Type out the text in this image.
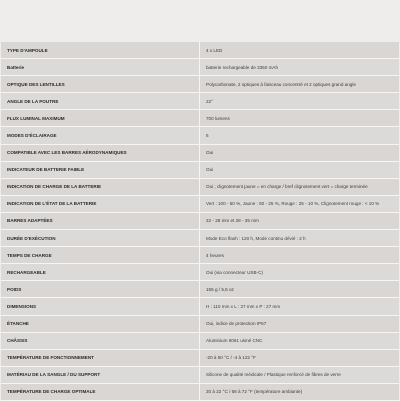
TYPE D'AMPOULE	4 x LED
Batterie	batterie rechargeable de 3350 mAh
OPTIQUE DES LENTILLES	Polycarbonate, 2 optiques à faisceau concentré et 2 optiques grand angle
ANGLE DE LA POUTRE	22°
FLUX LUMINAL MAXIMUM	700 lumens
MODES D'ÉCLAIRAGE	6
COMPATIBLE AVEC LES BARRES AÉRODYNAMIQUES	Oui
INDICATEUR DE BATTERIE FAIBLE	Oui
INDICATION DE CHARGE DE LA BATTERIE	Oui ; clignotement jaune = en charge / bref clignotement vert = charge terminée
INDICATION DE L'ÉTAT DE LA BATTERIE	Vert : 100 - 50 %, Jaune : 50 - 25 %, Rouge : 25 - 10 %, Clignotement rouge : < 10 %
BARRES ADAPTÉES	22 - 28 mm et 28 - 35 mm
DURÉE D'EXÉCUTION	Mode Eco flash : 120 h, Mode continu dévié : 2 h
TEMPS DE CHARGE	4 heures
RECHARGEABLE	Oui (via connecteur USB-C)
POIDS	155 g / 5,5 oz
DIMENSIONS	H : 110 mm x L : 27 mm x P : 27 mm
ÉTANCHE	Oui, indice de protection IP67
CHÂSSIS	Aluminium 6061 usiné CNC
TEMPÉRATURE DE FONCTIONNEMENT	-20 à 50 °C / -4 à 122 °F
MATÉRIAU DE LA SANGLE / DU SUPPORT	Silicone de qualité médicale / Plastique renforcé de fibres de verre
TEMPÉRATURE DE CHARGE OPTIMALE	20 à 22 °C / 68 à 72 °F (température ambiante)
